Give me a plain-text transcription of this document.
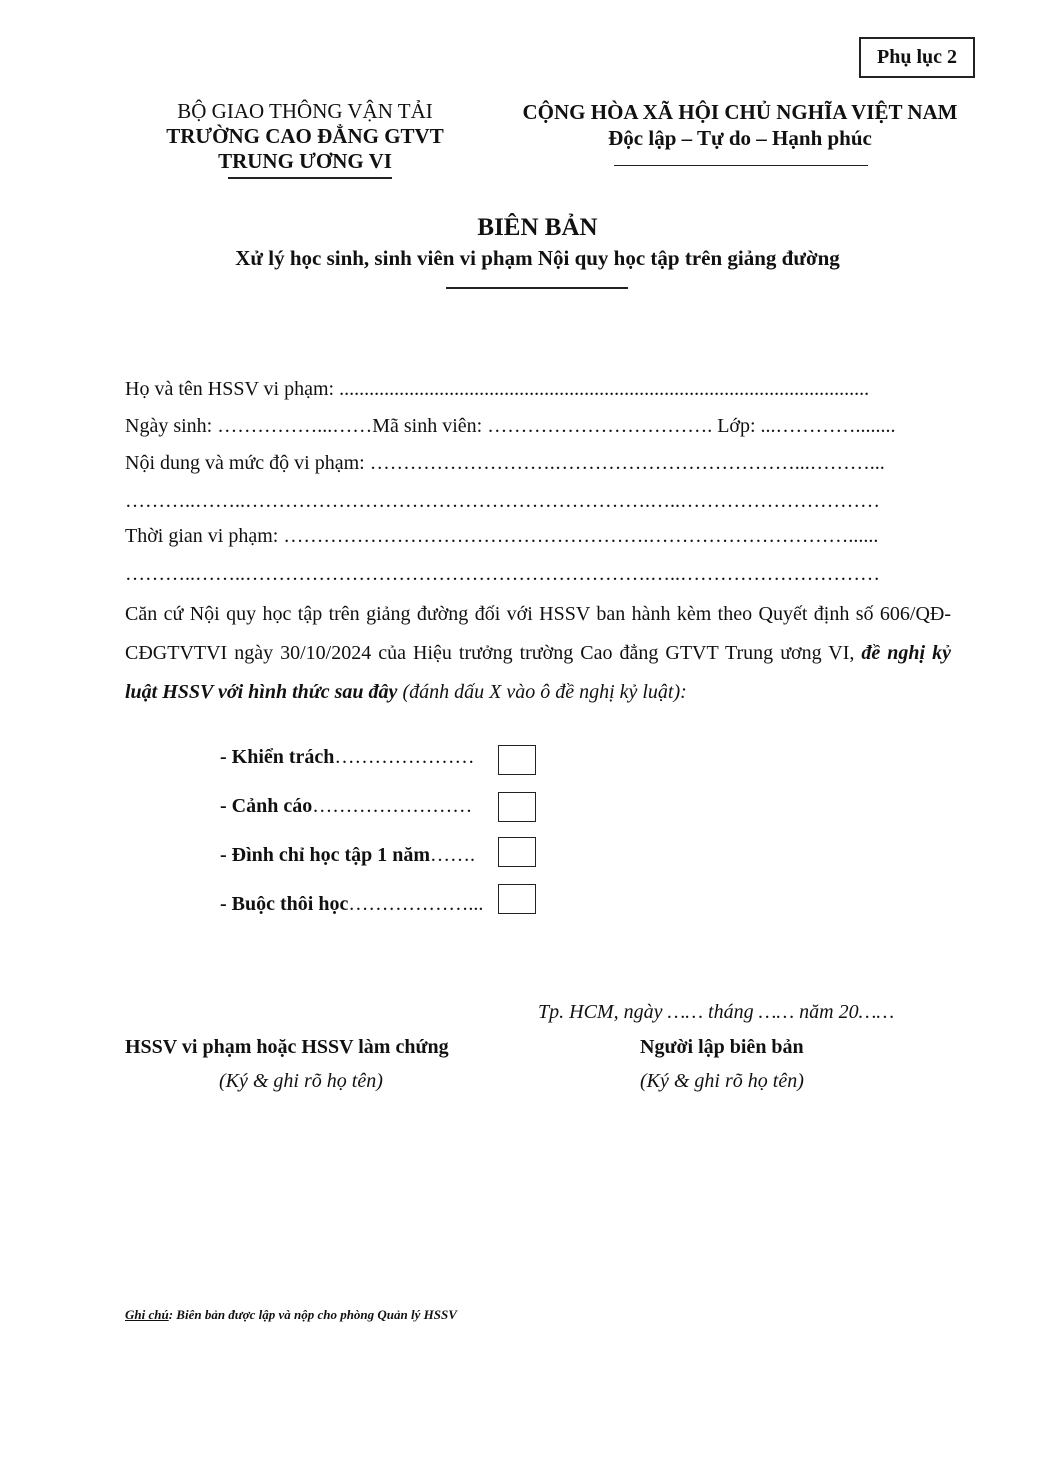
Phụ lục 2
BỘ GIAO THÔNG VẬN TẢI
TRƯỜNG CAO ĐẲNG GTVT
TRUNG ƯƠNG VI
CỘNG HÒA XÃ HỘI CHỦ NGHĨA VIỆT NAM
Độc lập – Tự do – Hạnh phúc
BIÊN BẢN
Xử lý học sinh, sinh viên vi phạm Nội quy học tập trên giảng đường
Họ và tên HSSV vi phạm: ..........................................................................................................
Ngày sinh: ……………...……Mã sinh viên: ……………………………. Lớp: ...…………........
Nội dung và mức độ vi phạm: ……………………….………………………………...………...
………..……..…………………………………………………….…..…………………………
Thời gian vi phạm: ……………………………………………….…………………………......
………..……..…………………………………………………….…..…………………………
Căn cứ Nội quy học tập trên giảng đường đối với HSSV ban hành kèm theo Quyết định số 606/QĐ-CĐGTVTVI ngày 30/10/2024 của Hiệu trưởng trường Cao đẳng GTVT Trung ương VI, đề nghị kỷ luật HSSV với hình thức sau đây (đánh dấu X vào ô đề nghị kỷ luật):
- Khiển trách…………………
- Cảnh cáo……………………
- Đình chỉ học tập 1 năm…….
- Buộc thôi học………………...
Tp. HCM, ngày …… tháng …… năm 20……
HSSV vi phạm hoặc HSSV làm chứng
(Ký & ghi rõ họ tên)
Người lập biên bản
(Ký & ghi rõ họ tên)
Ghi chú: Biên bản được lập và nộp cho phòng Quản lý HSSV
